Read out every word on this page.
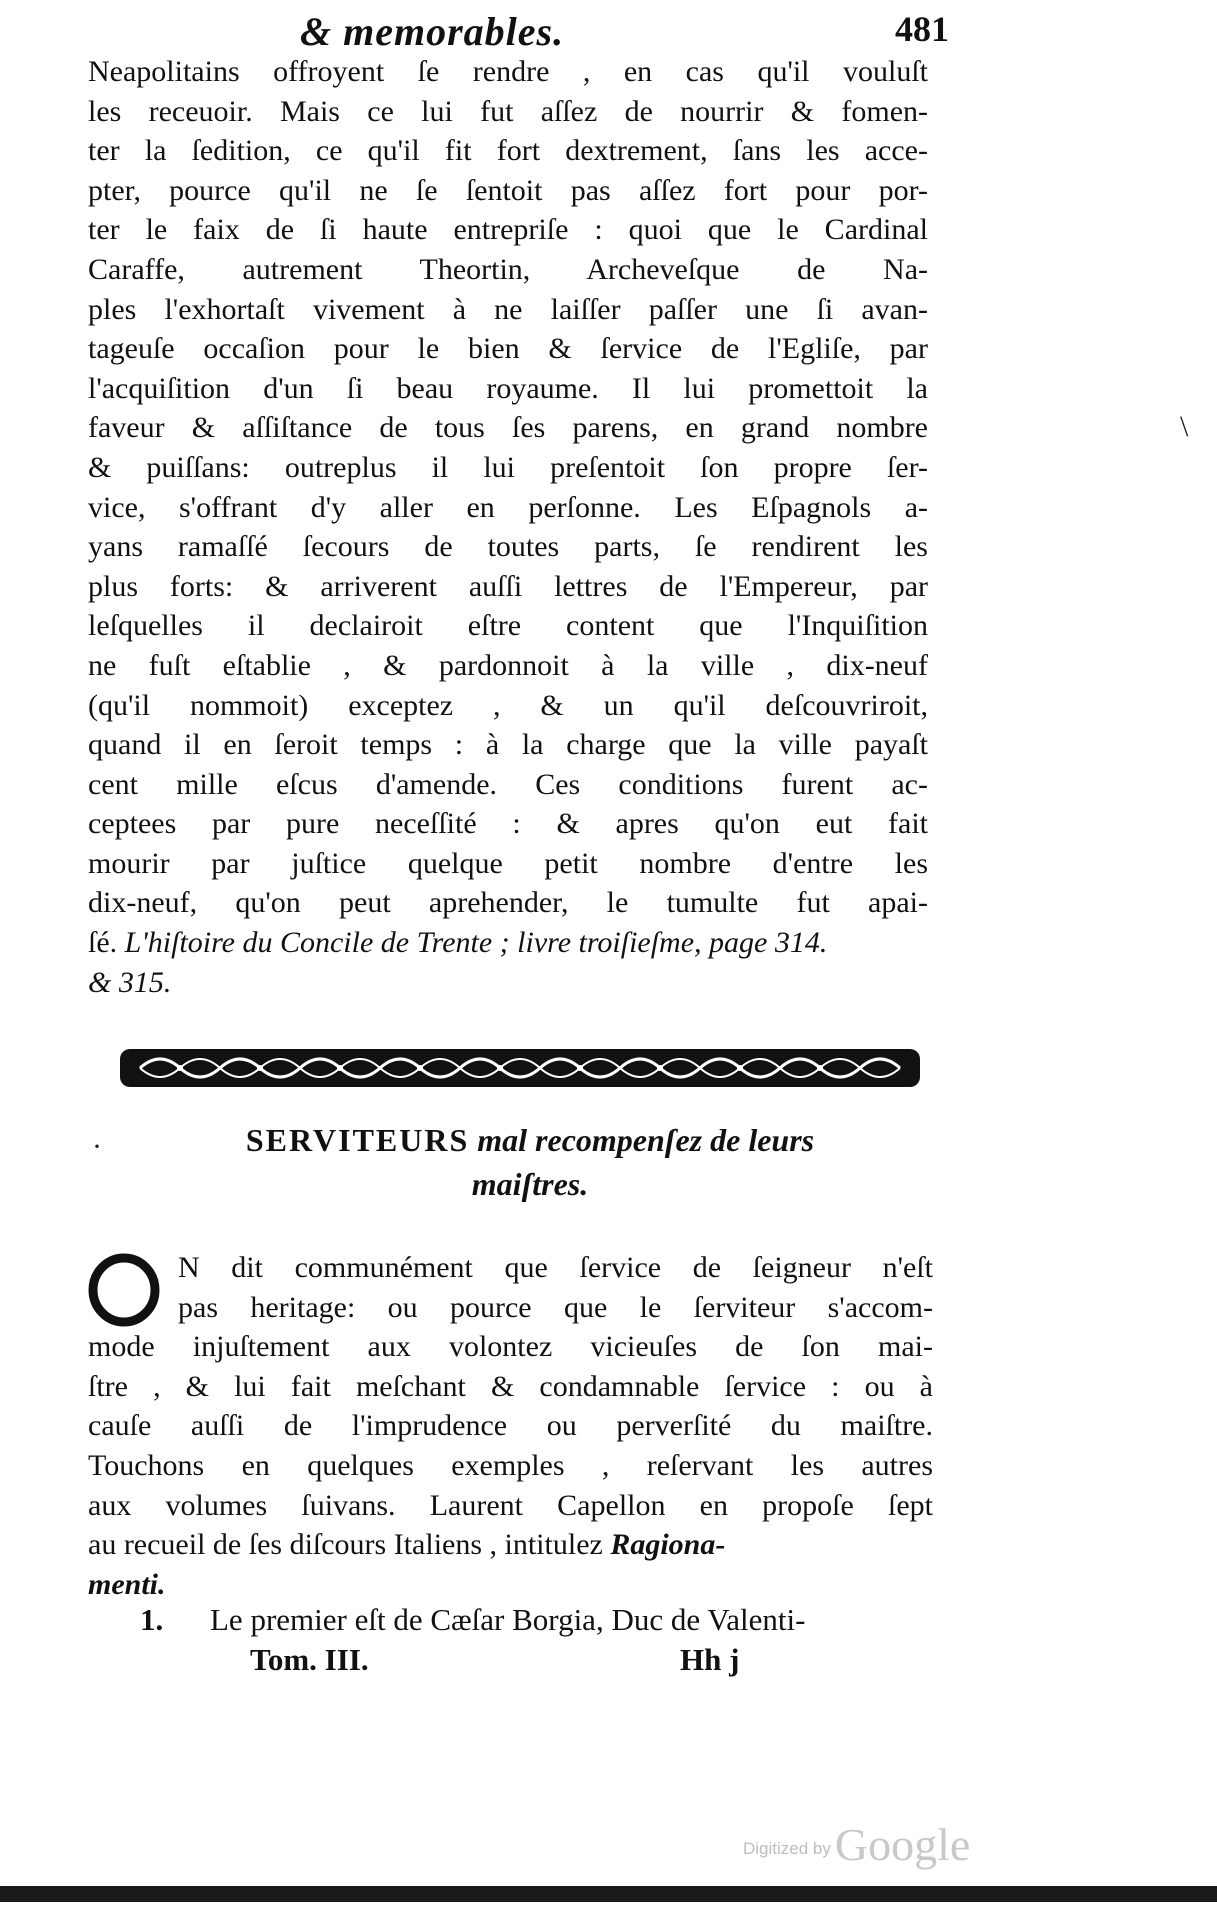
& memorables.	481
Neapolitains offroyent ſe rendre , en cas qu'il vouluſt
les receuoir. Mais ce lui fut aſſez de nourrir & fomen-
ter la ſedition, ce qu'il fit fort dextrement, ſans les acce-
pter, pource qu'il ne ſe ſentoit pas aſſez fort pour por-
ter le faix de ſi haute entrepriſe : quoi que le Cardinal
Caraffe, autrement Theortin, Archeveſque de Na-
ples l'exhortaſt vivement à ne laiſſer paſſer une ſi avan-
tageuſe occaſion pour le bien & ſervice de l'Egliſe, par
l'acquiſition d'un ſi beau royaume. Il lui promettoit la
faveur & aſſiſtance de tous ſes parens, en grand nombre
& puiſſans: outreplus il lui preſentoit ſon propre ſer-
vice, s'offrant d'y aller en perſonne. Les Eſpagnols a-
yans ramaſſé ſecours de toutes parts, ſe rendirent les
plus forts: & arriverent auſſi lettres de l'Empereur, par
leſquelles il declairoit eſtre content que l'Inquiſition
ne fuſt eſtablie , & pardonnoit à la ville , dix-neuf
(qu'il nommoit) exceptez , & un qu'il deſcouvriroit,
quand il en ſeroit temps : à la charge que la ville payaſt
cent mille eſcus d'amende. Ces conditions furent ac-
ceptees par pure neceſſité : & apres qu'on eut fait
mourir par juſtice quelque petit nombre d'entre les
dix-neuf, qu'on peut aprehender, le tumulte fut apai-
ſé. L'hiſtoire du Concile de Trente ; livre troiſieſme, page 314.
& 315.
SERVITEURS mal recompenſez de leurs
maiſtres.
O	N dit communément que ſervice de ſeigneur n'eſt
pas heritage: ou pource que le ſerviteur s'accom-
mode injuſtement aux volontez vicieuſes de ſon mai-
ſtre , & lui fait meſchant & condamnable ſervice : ou à
cauſe auſſi de l'imprudence ou perverſité du maiſtre.
Touchons en quelques exemples , reſervant les autres
aux volumes ſuivans. Laurent Capellon en propoſe ſept
au recueil de ſes diſcours Italiens , intitulez Ragiona-
menti.
1. Le premier eſt de Cæſar Borgia, Duc de Valenti-
Tom. III.	Hh j
\
·
Digitized byGoogle
